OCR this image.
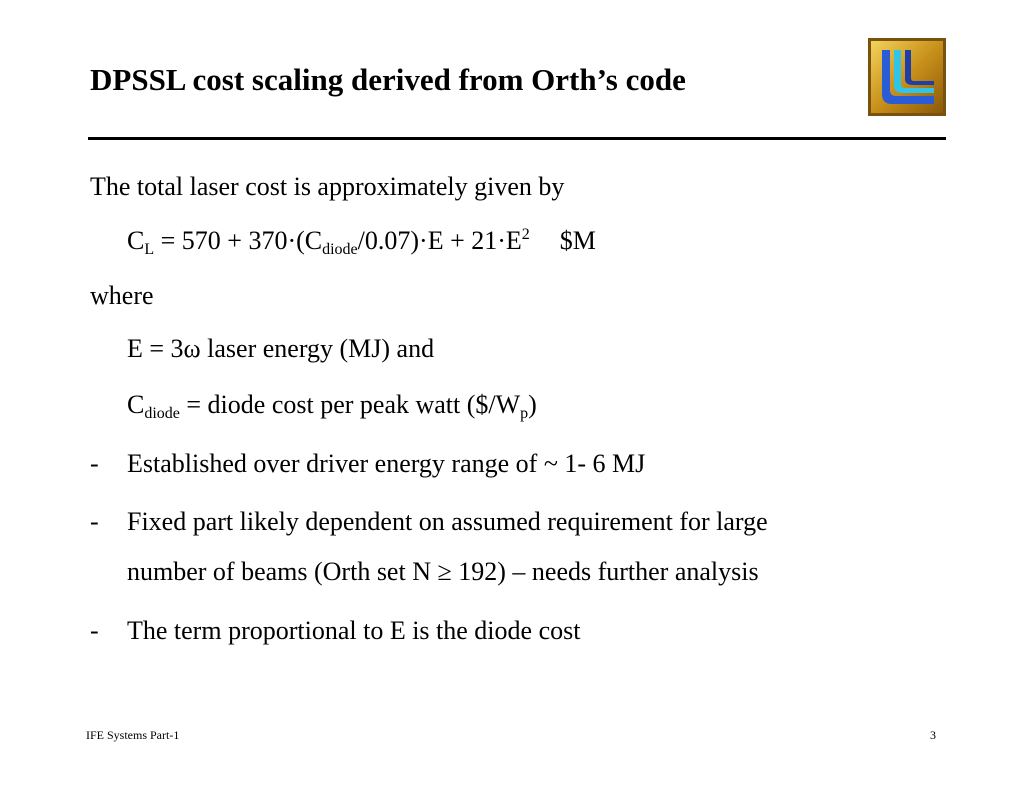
DPSSL cost scaling derived from Orth’s code
The total laser cost is approximately given by
$C_L = 570 + 370\cdot(C_{diode}/0.07)\cdot E + 21\cdot E^2$ $M
where
E = 3ω laser energy (MJ) and
$C_{diode}$ = diode cost per peak watt $(\$/W_p)$
- Established over driver energy range of ~ 1- 6 MJ
- Fixed part likely dependent on assumed requirement for large
number of beams (Orth set N ≥ 192) – needs further analysis
- The term proportional to E is the diode cost
IFE Systems Part-1	3
